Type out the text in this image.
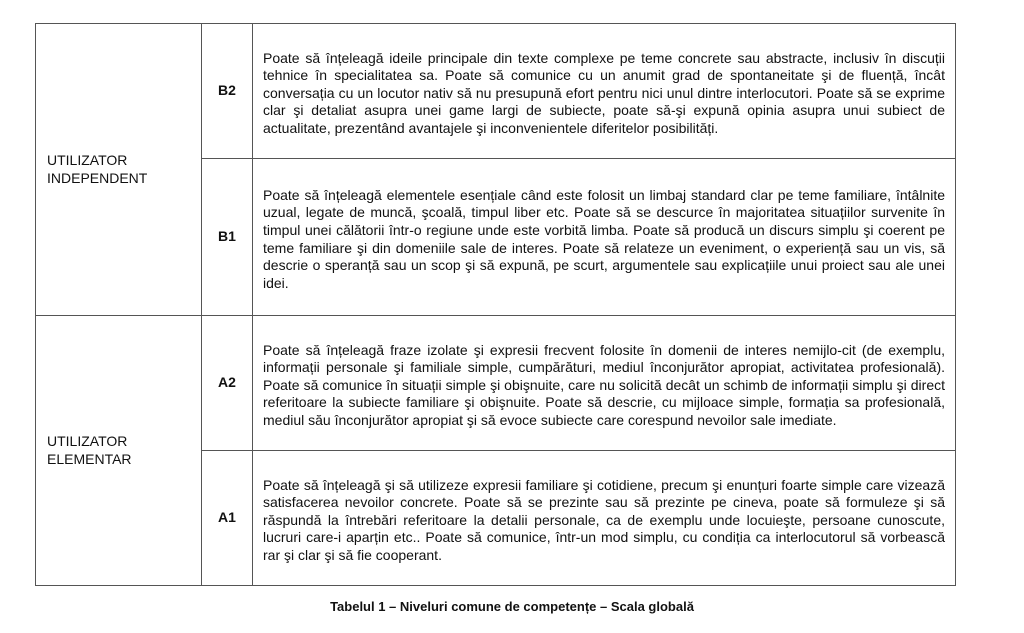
UTILIZATOR INDEPENDENT	B2	Poate să înțeleagă ideile principale din texte complexe pe teme concrete sau abstracte, inclusiv în discuții tehnice în specialitatea sa. Poate să comunice cu un anumit grad de spontaneitate şi de fluență, încât conversația cu un locutor nativ să nu presupună efort pentru nici unul dintre interlocutori. Poate să se exprime clar şi detaliat asupra unei game largi de subiecte, poate să-şi expună opinia asupra unui subiect de actualitate, prezentând avantajele şi inconvenientele diferitelor posibilități.
	B1	Poate să înțeleagă elementele esențiale când este folosit un limbaj standard clar pe teme familiare, întâlnite uzual, legate de muncă, şcoală, timpul liber etc. Poate să se descurce în majoritatea situațiilor survenite în timpul unei călătorii într-o regiune unde este vorbită limba. Poate să producă un discurs simplu şi coerent pe teme familiare şi din domeniile sale de interes. Poate să relateze un eveniment, o experiență sau un vis, să descrie o speranță sau un scop şi să expună, pe scurt, argumentele sau explicațiile unui proiect sau ale unei idei.
UTILIZATOR ELEMENTAR	A2	Poate să înțeleagă fraze izolate şi expresii frecvent folosite în domenii de interes nemijlo-cit (de exemplu, informații personale şi familiale simple, cumpărături, mediul înconjurător apropiat, activitatea profesională). Poate să comunice în situații simple şi obişnuite, care nu solicită decât un schimb de informații simplu şi direct referitoare la subiecte familiare şi obişnuite. Poate să descrie, cu mijloace simple, formația sa profesională, mediul său înconjurător apropiat şi să evoce subiecte care corespund nevoilor sale imediate.
	A1	Poate să înțeleagă şi să utilizeze expresii familiare şi cotidiene, precum şi enunțuri foarte simple care vizează satisfacerea nevoilor concrete. Poate să se prezinte sau să prezinte pe cineva, poate să formuleze şi să răspundă la întrebări referitoare la detalii personale, ca de exemplu unde locuieşte, persoane cunoscute, lucruri care-i aparțin etc.. Poate să comunice, într-un mod simplu, cu condiția ca interlocutorul să vorbească rar şi clar şi să fie cooperant.
Tabelul 1 – Niveluri comune de competențe – Scala globală
